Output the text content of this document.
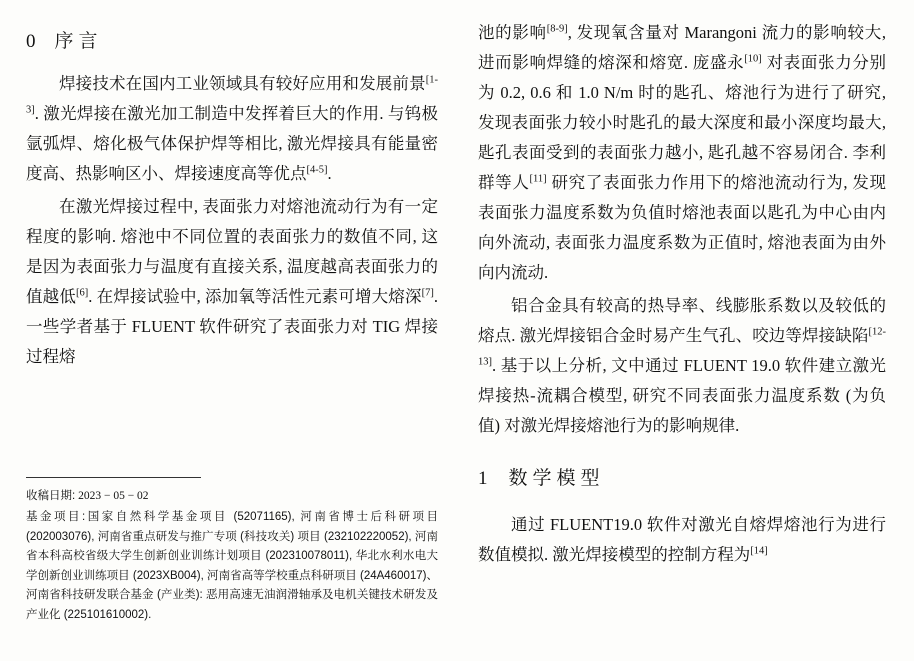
0 序言

焊接技术在国内工业领域具有较好应用和发展前景[1-3]. 激光焊接在激光加工制造中发挥着巨大的作用. 与钨极氩弧焊、熔化极气体保护焊等相比, 激光焊接具有能量密度高、热影响区小、焊接速度高等优点[4-5].

在激光焊接过程中, 表面张力对熔池流动行为有一定程度的影响. 熔池中不同位置的表面张力的数值不同, 这是因为表面张力与温度有直接关系, 温度越高表面张力的值越低[6]. 在焊接试验中, 添加氧等活性元素可增大熔深[7]. 一些学者基于 FLUENT 软件研究了表面张力对 TIG 焊接过程熔

收稿日期: 2023 − 05 − 02

基金项目:国家自然科学基金项目 (52071165), 河南省博士后科研项目 (202003076), 河南省重点研发与推广专项 (科技攻关) 项目 (232102220052), 河南省本科高校省级大学生创新创业训练计划项目 (202310078011), 华北水利水电大学创新创业训练项目 (2023XB004), 河南省高等学校重点科研项目 (24A460017)、河南省科技研发联合基金 (产业类): 恶用高速无油润滑轴承及电机关键技术研发及产业化 (225101610002).

池的影响[8-9], 发现氧含量对 Marangoni 流力的影响较大, 进而影响焊缝的熔深和熔宽. 庞盛永[10] 对表面张力分别为 0.2, 0.6 和 1.0 N/m 时的匙孔、熔池行为进行了研究, 发现表面张力较小时匙孔的最大深度和最小深度均最大, 匙孔表面受到的表面张力越小, 匙孔越不容易闭合. 李利群等人[11] 研究了表面张力作用下的熔池流动行为, 发现表面张力温度系数为负值时熔池表面以匙孔为中心由内向外流动, 表面张力温度系数为正值时, 熔池表面为由外向内流动.

铝合金具有较高的热导率、线膨胀系数以及较低的熔点. 激光焊接铝合金时易产生气孔、咬边等焊接缺陷[12-13]. 基于以上分析, 文中通过 FLUENT 19.0 软件建立激光焊接热-流耦合模型, 研究不同表面张力温度系数 (为负值) 对激光焊接熔池行为的影响规律.

1 数学模型

通过 FLUENT19.0 软件对激光自熔焊熔池行为进行数值模拟. 激光焊接模型的控制方程为[14]
